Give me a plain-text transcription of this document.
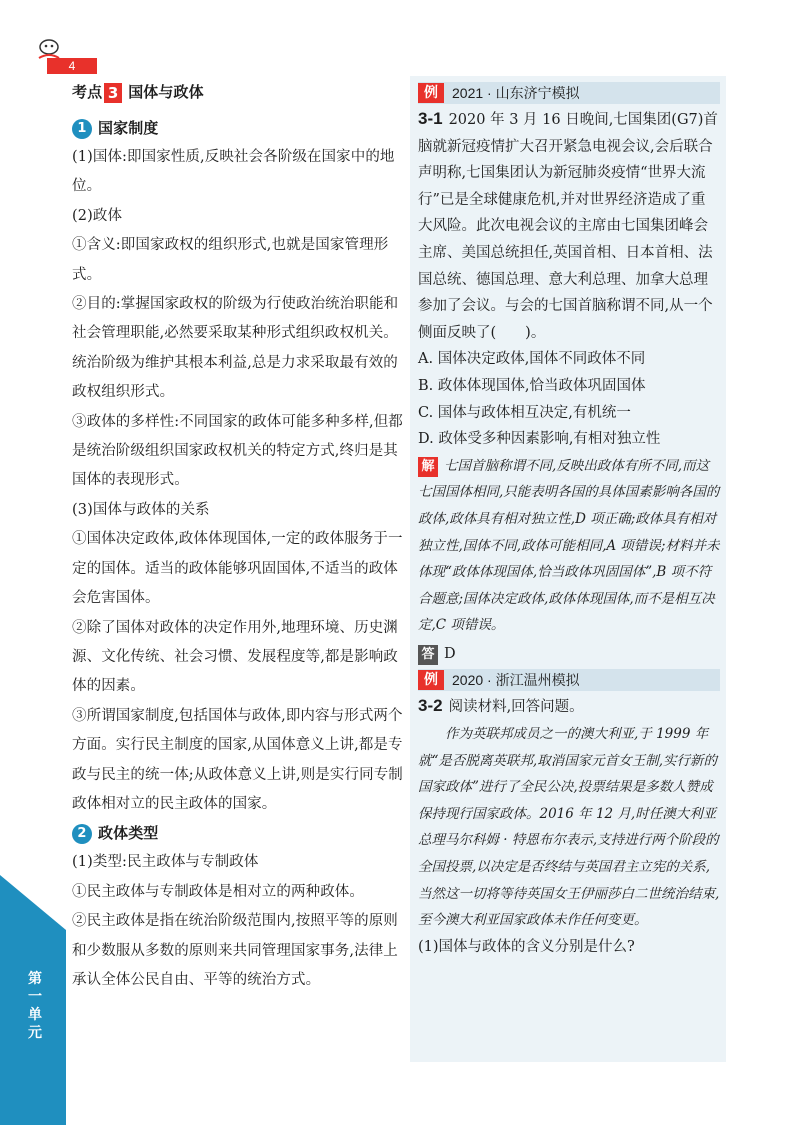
4
第一单元
考点 3 国体与政体
1 国家制度

(1)国体:即国家性质,反映社会各阶级在国家中的地位。

(2)政体

①含义:即国家政权的组织形式,也就是国家管理形式。

②目的:掌握国家政权的阶级为行使政治统治职能和社会管理职能,必然要采取某种形式组织政权机关。统治阶级为维护其根本利益,总是力求采取最有效的政权组织形式。

③政体的多样性:不同国家的政体可能多种多样,但都是统治阶级组织国家政权机关的特定方式,终归是其国体的表现形式。

(3)国体与政体的关系

①国体决定政体,政体体现国体,一定的政体服务于一定的国体。适当的政体能够巩固国体,不适当的政体会危害国体。

②除了国体对政体的决定作用外,地理环境、历史渊源、文化传统、社会习惯、发展程度等,都是影响政体的因素。

③所谓国家制度,包括国体与政体,即内容与形式两个方面。实行民主制度的国家,从国体意义上讲,都是专政与民主的统一体;从政体意义上讲,则是实行同专制政体相对立的民主政体的国家。

2 政体类型

(1)类型:民主政体与专制政体

①民主政体与专制政体是相对立的两种政体。

②民主政体是指在统治阶级范围内,按照平等的原则和少数服从多数的原则来共同管理国家事务,法律上承认全体公民自由、平等的统治方式。

例	2021 · 山东济宁模拟

3-1 2020 年 3 月 16 日晚间,七国集团(G7)首脑就新冠疫情扩大召开紧急电视会议,会后联合声明称,七国集团认为新冠肺炎疫情“世界大流行”已是全球健康危机,并对世界经济造成了重大风险。此次电视会议的主席由七国集团峰会主席、美国总统担任,英国首相、日本首相、法国总统、德国总理、意大利总理、加拿大总理参加了会议。与会的七国首脑称谓不同,从一个侧面反映了(　　)。

A. 国体决定政体,国体不同政体不同

B. 政体体现国体,恰当政体巩固国体

C. 国体与政体相互决定,有机统一

D. 政体受多种因素影响,有相对独立性

解 七国首脑称谓不同,反映出政体有所不同,而这七国国体相同,只能表明各国的具体国素影响各国的政体,政体具有相对独立性,D 项正确;政体具有相对独立性,国体不同,政体可能相同,A 项错误;材料并未体现“政体体现国体,恰当政体巩固国体”,B 项不符合题意;国体决定政体,政体体现国体,而不是相互决定,C 项错误。

答 D

例	2020 · 浙江温州模拟

3-2 阅读材料,回答问题。

作为英联邦成员之一的澳大利亚,于 1999 年就“是否脱离英联邦,取消国家元首女王制,实行新的国家政体”进行了全民公决,投票结果是多数人赞成保持现行国家政体。2016 年 12 月,时任澳大利亚总理马尔科姆 · 特恩布尔表示,支持进行两个阶段的全国投票,以决定是否终结与英国君主立宪的关系,当然这一切将等待英国女王伊丽莎白二世统治结束,至今澳大利亚国家政体未作任何变更。

(1)国体与政体的含义分别是什么?
